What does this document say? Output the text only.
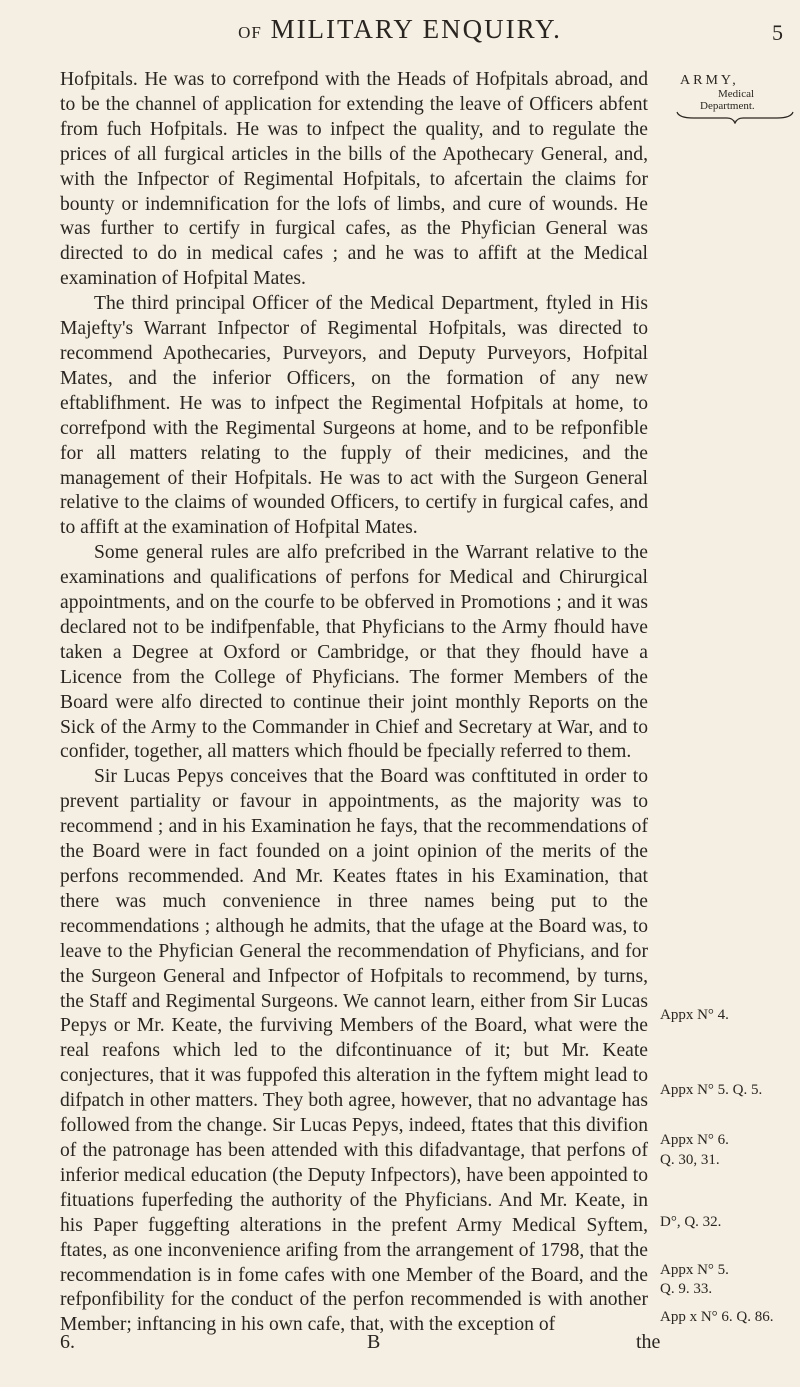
OF MILITARY ENQUIRY.	5
ARMY,
Medical
Department.

Hofpitals. He was to correfpond with the Heads of Hofpitals abroad, and to be the channel of application for extending the leave of Officers abfent from fuch Hofpitals. He was to infpect the quality, and to regulate the prices of all furgical articles in the bills of the Apothecary General, and, with the Infpector of Regimental Hofpitals, to afcertain the claims for bounty or indemnification for the lofs of limbs, and cure of wounds. He was further to certify in furgical cafes, as the Phyfician General was directed to do in medical cafes ; and he was to affift at the Medical examination of Hofpital Mates.

The third principal Officer of the Medical Department, ftyled in His Majefty's Warrant Infpector of Regimental Hofpitals, was directed to recommend Apothecaries, Purveyors, and Deputy Purveyors, Hofpital Mates, and the inferior Officers, on the formation of any new eftablifhment. He was to infpect the Regimental Hofpitals at home, to correfpond with the Regimental Surgeons at home, and to be refponfible for all matters relating to the fupply of their medicines, and the management of their Hofpitals. He was to act with the Surgeon General relative to the claims of wounded Officers, to certify in furgical cafes, and to affift at the examination of Hofpital Mates.

Some general rules are alfo prefcribed in the Warrant relative to the examinations and qualifications of perfons for Medical and Chirurgical appointments, and on the courfe to be obferved in Promotions ; and it was declared not to be indifpenfable, that Phyficians to the Army fhould have taken a Degree at Oxford or Cambridge, or that they fhould have a Licence from the College of Phyficians. The former Members of the Board were alfo directed to continue their joint monthly Reports on the Sick of the Army to the Commander in Chief and Secretary at War, and to confider, together, all matters which fhould be fpecially referred to them.

Sir Lucas Pepys conceives that the Board was conftituted in order to prevent partiality or favour in appointments, as the majority was to recommend ; and in his Examination he fays, that the recommendations of the Board were in fact founded on a joint opinion of the merits of the perfons recommended. And Mr. Keates ftates in his Examination, that there was much convenience in three names being put to the recommendations ; although he admits, that the ufage at the Board was, to leave to the Phyfician General the recommendation of Phyficians, and for the Surgeon General and Infpector of Hofpitals to recommend, by turns, the Staff and Regimental Surgeons. We cannot learn, either from Sir Lucas Pepys or Mr. Keate, the furviving Members of the Board, what were the real reafons which led to the difcontinuance of it; but Mr. Keate conjectures, that it was fuppofed this alteration in the fyftem might lead to difpatch in other matters. They both agree, however, that no advantage has followed from the change. Sir Lucas Pepys, indeed, ftates that this divifion of the patronage has been attended with this difadvantage, that perfons of inferior medical education (the Deputy Infpectors), have been appointed to fituations fuperfeding the authority of the Phyficians. And Mr. Keate, in his Paper fuggefting alterations in the prefent Army Medical Syftem, ftates, as one inconvenience arifing from the arrangement of 1798, that the recommendation is in fome cafes with one Member of the Board, and the refponfibility for the conduct of the perfon recommended is with another Member; inftancing in his own cafe, that, with the exception of

Appx N° 4.
Appx N° 5. Q. 5.
Appx N° 6.
Q. 30, 31.
D°, Q. 32.
Appx N° 5.
Q. 9. 33.
App x N° 6. Q. 86.
6.	B	the
